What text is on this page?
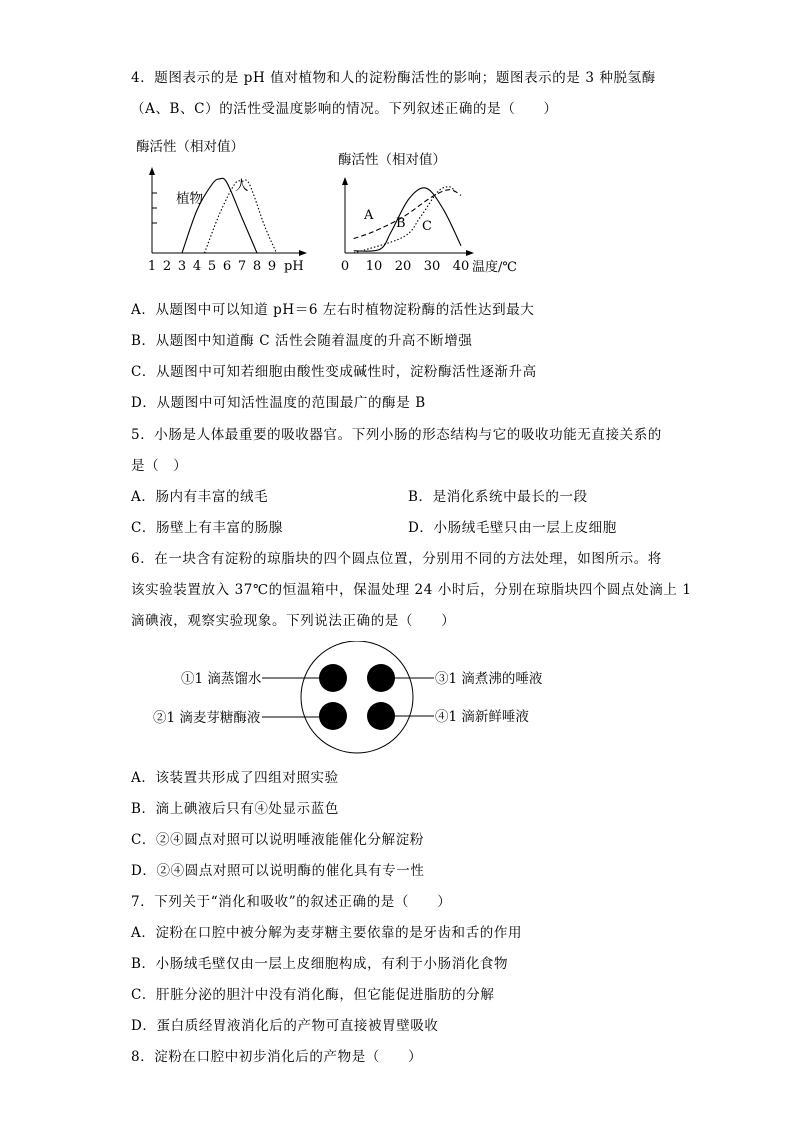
4．题图表示的是 pH 值对植物和人的淀粉酶活性的影响；题图表示的是 3 种脱氢酶
（A、B、C）的活性受温度影响的情况。下列叙述正确的是（　　）
酶活性（相对值）
1 2 3 4 5 6 7 8 9 pH
植物
人
酶活性（相对值）
0 10 20 30 40 温度/℃
A
B C
A．从题图中可以知道 pH＝6 左右时植物淀粉酶的活性达到最大
B．从题图中知道酶 C 活性会随着温度的升高不断增强
C．从题图中可知若细胞由酸性变成碱性时，淀粉酶活性逐渐升高
D．从题图中可知活性温度的范围最广的酶是 B
5．小肠是人体最重要的吸收器官。下列小肠的形态结构与它的吸收功能无直接关系的
是（　）
A．肠内有丰富的绒毛	B．是消化系统中最长的一段
C．肠壁上有丰富的肠腺	D．小肠绒毛壁只由一层上皮细胞
6．在一块含有淀粉的琼脂块的四个圆点位置，分别用不同的方法处理，如图所示。将
该实验装置放入 37℃的恒温箱中，保温处理 24 小时后，分别在琼脂块四个圆点处滴上 1
滴碘液，观察实验现象。下列说法正确的是（　　）
①1 滴蒸馏水
②1 滴麦芽糖酶液
③1 滴煮沸的唾液
④1 滴新鲜唾液
A．该装置共形成了四组对照实验
B．滴上碘液后只有④处显示蓝色
C．②④圆点对照可以说明唾液能催化分解淀粉
D．②④圆点对照可以说明酶的催化具有专一性
7．下列关于“消化和吸收”的叙述正确的是（　　）
A．淀粉在口腔中被分解为麦芽糖主要依靠的是牙齿和舌的作用
B．小肠绒毛壁仅由一层上皮细胞构成，有利于小肠消化食物
C．肝脏分泌的胆汁中没有消化酶，但它能促进脂肪的分解
D．蛋白质经胃液消化后的产物可直接被胃壁吸收
8．淀粉在口腔中初步消化后的产物是（　　）
